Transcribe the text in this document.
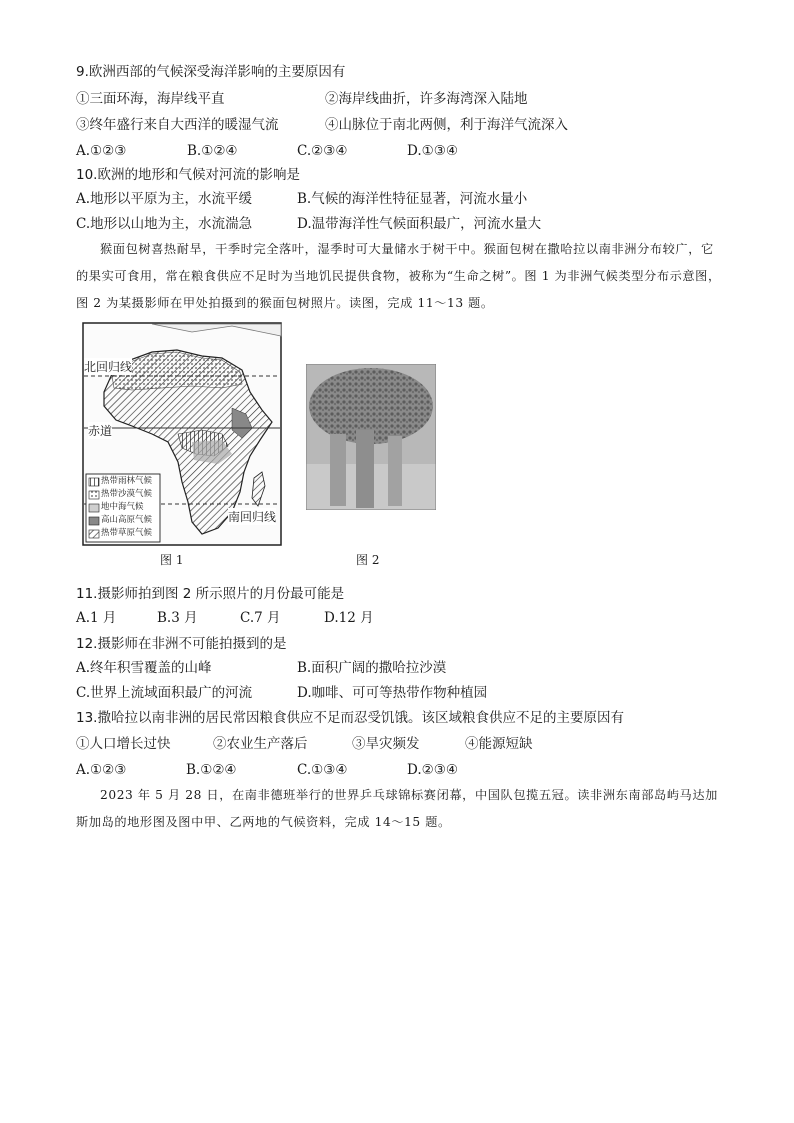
9.欧洲西部的气候深受海洋影响的主要原因有
①三面环海，海岸线平直	②海岸线曲折，许多海湾深入陆地
③终年盛行来自大西洋的暖湿气流	④山脉位于南北两侧，利于海洋气流深入
A.①②③	B.①②④	C.②③④	D.①③④
10.欧洲的地形和气候对河流的影响是
A.地形以平原为主，水流平缓	B.气候的海洋性特征显著，河流水量小
C.地形以山地为主，水流湍急	D.温带海洋性气候面积最广，河流水量大
猴面包树喜热耐旱，干季时完全落叶，湿季时可大量储水于树干中。猴面包树在撒哈拉以南非洲分布较广，它的果实可食用，常在粮食供应不足时为当地饥民提供食物，被称为“生命之树”。图 1 为非洲气候类型分布示意图，图 2 为某摄影师在甲处拍摄到的猴面包树照片。读图，完成 11～13 题。
北回归线
赤道
南回归线
热带雨林气候
热带沙漠气候
地中海气候
高山高原气候
热带草原气候
图 1	图 2
11.摄影师拍到图 2 所示照片的月份最可能是
A.1 月	B.3 月	C.7 月	D.12 月
12.摄影师在非洲不可能拍摄到的是
A.终年积雪覆盖的山峰	B.面积广阔的撒哈拉沙漠
C.世界上流域面积最广的河流	D.咖啡、可可等热带作物种植园
13.撒哈拉以南非洲的居民常因粮食供应不足而忍受饥饿。该区域粮食供应不足的主要原因有
①人口增长过快	②农业生产落后	③旱灾频发	④能源短缺
A.①②③	B.①②④	C.①③④	D.②③④
2023 年 5 月 28 日，在南非德班举行的世界乒乓球锦标赛闭幕，中国队包揽五冠。读非洲东南部岛屿马达加斯加岛的地形图及图中甲、乙两地的气候资料，完成 14～15 题。
